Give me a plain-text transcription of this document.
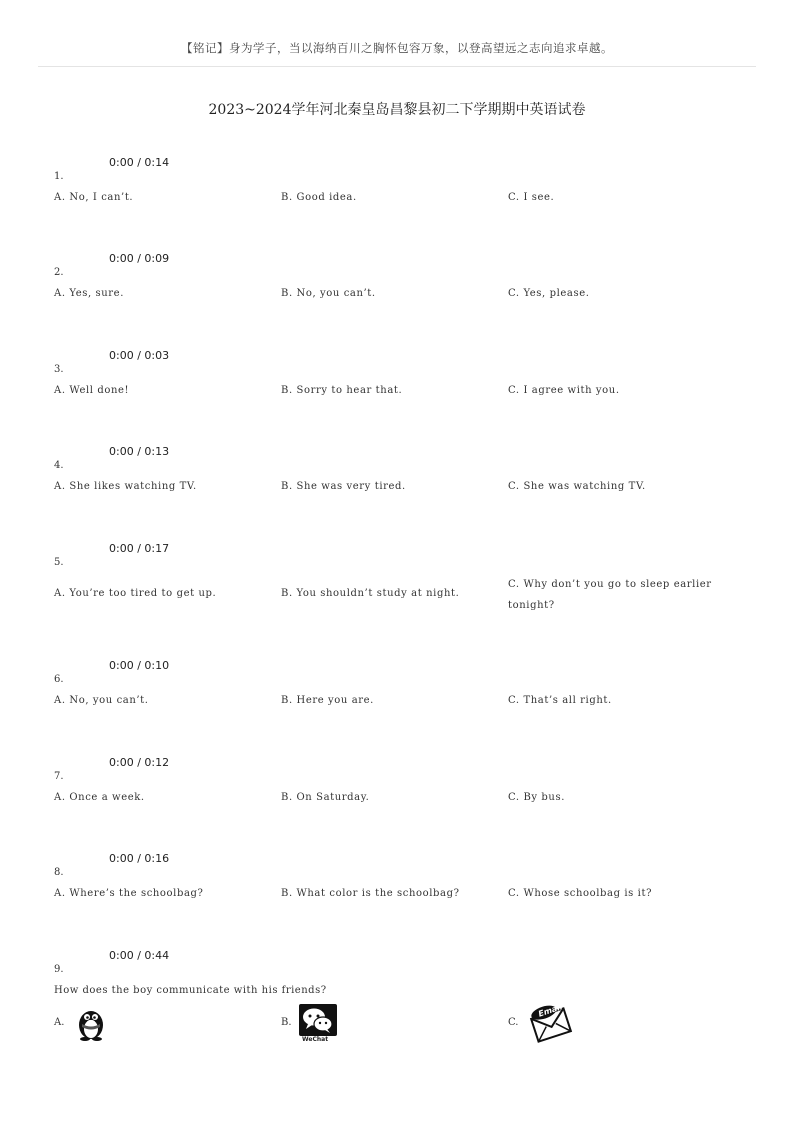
【铭记】身为学子，当以海纳百川之胸怀包容万象，以登高望远之志向追求卓越。
2023~2024学年河北秦皇岛昌黎县初二下学期期中英语试卷
0:00 / 0:14
1.
A. No, I can’t.	B. Good idea.	C. I see.
0:00 / 0:09
2.
A. Yes, sure.	B. No, you can’t.	C. Yes, please.
0:00 / 0:03
3.
A. Well done!	B. Sorry to hear that.	C. I agree with you.
0:00 / 0:13
4.
A. She likes watching TV.	B. She was very tired.	C. She was watching TV.
0:00 / 0:17
5.
A. You’re too tired to get up.	B. You shouldn’t study at night.
C. Why don’t you go to sleep earlier tonight?
0:00 / 0:10
6.
A. No, you can’t.	B. Here you are.	C. That’s all right.
0:00 / 0:12
7.
A. Once a week.	B. On Saturday.	C. By bus.
0:00 / 0:16
8.
A. Where’s the schoolbag?	B. What color is the schoolbag?	C. Whose schoolbag is it?
0:00 / 0:44
9.
How does the boy communicate with his friends?
A.	B.
WeChat
C.
Email
